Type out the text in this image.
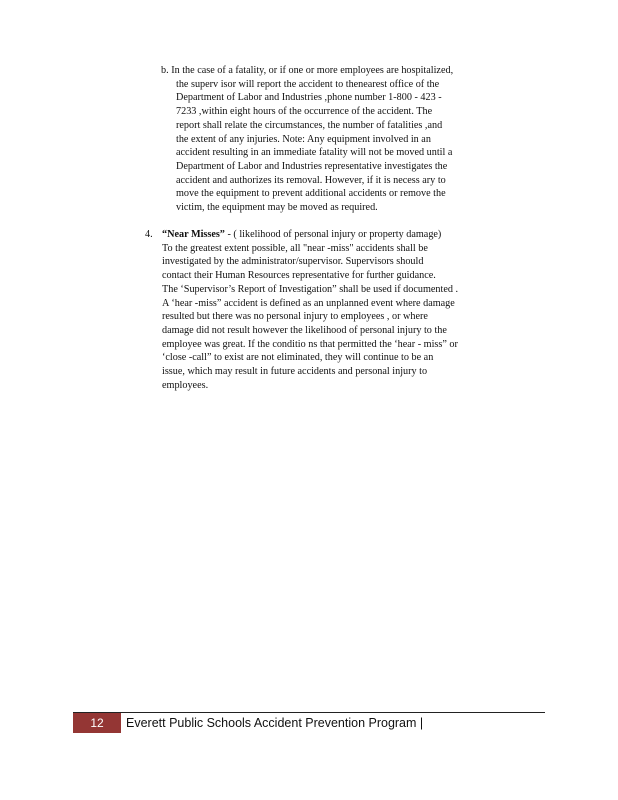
b. In the case of a fatality, or if one or more employees are hospitalized,
the superv isor will report the accident to thenearest office of the
Department of Labor and Industries ,phone number 1-800 - 423 -
7233 ,within eight hours of the occurrence of the accident. The
report shall relate the circumstances, the number of fatalities ,and
the extent of any injuries. Note: Any equipment involved in an
accident resulting in an immediate fatality will not be moved until a
Department of Labor and Industries representative investigates the
accident and authorizes its removal. However, if it is necess ary to
move the equipment to prevent additional accidents or remove the
victim, the equipment may be moved as required.
4. “Near Misses” - ( likelihood of personal injury or property damage)
To the greatest extent possible, all "near -miss" accidents shall be
investigated by the administrator/supervisor. Supervisors should
contact their Human Resources representative for further guidance.
The ‘Supervisor’s Report of Investigation” shall be used if documented .
A ‘hear -miss” accident is defined as an unplanned event where damage
resulted but there was no personal injury to employees , or where
damage did not result however the likelihood of personal injury to the
employee was great. If the conditio ns that permitted the ‘hear - miss” or
‘close -call” to exist are not eliminated, they will continue to be an
issue, which may result in future accidents and personal injury to
employees.
12	Everett Public Schools Accident Prevention Program |
